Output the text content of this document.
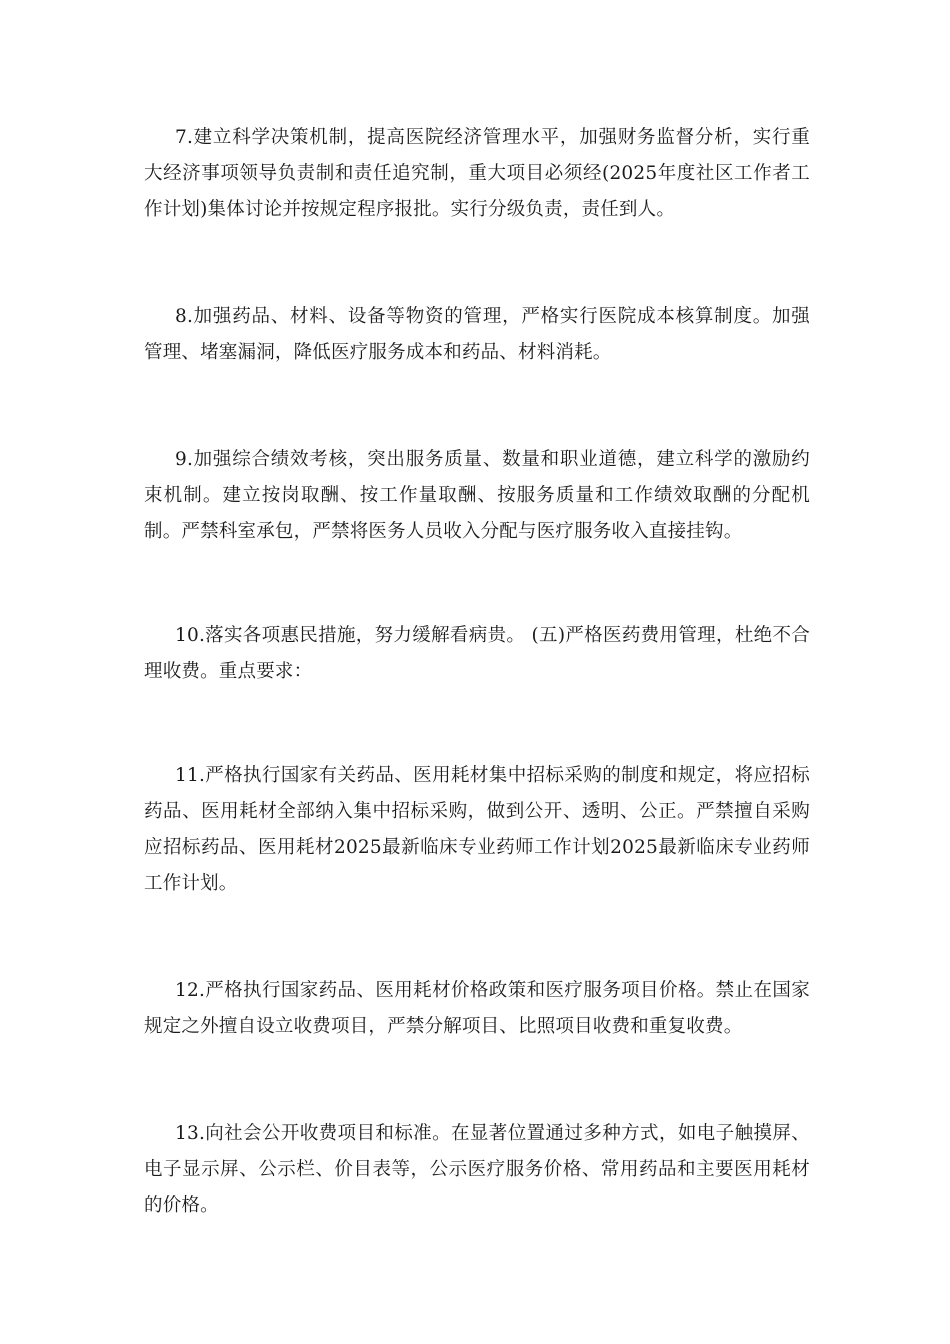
7.建立科学决策机制，提高医院经济管理水平，加强财务监督分析，实行重大经济事项领导负责制和责任追究制，重大项目必须经(2025年度社区工作者工作计划)集体讨论并按规定程序报批。实行分级负责，责任到人。

8.加强药品、材料、设备等物资的管理，严格实行医院成本核算制度。加强管理、堵塞漏洞，降低医疗服务成本和药品、材料消耗。

9.加强综合绩效考核，突出服务质量、数量和职业道德，建立科学的激励约束机制。建立按岗取酬、按工作量取酬、按服务质量和工作绩效取酬的分配机制。严禁科室承包，严禁将医务人员收入分配与医疗服务收入直接挂钩。

10.落实各项惠民措施，努力缓解看病贵。 (五)严格医药费用管理，杜绝不合理收费。重点要求：

11.严格执行国家有关药品、医用耗材集中招标采购的制度和规定，将应招标药品、医用耗材全部纳入集中招标采购，做到公开、透明、公正。严禁擅自采购应招标药品、医用耗材2025最新临床专业药师工作计划2025最新临床专业药师工作计划。

12.严格执行国家药品、医用耗材价格政策和医疗服务项目价格。禁止在国家规定之外擅自设立收费项目，严禁分解项目、比照项目收费和重复收费。

13.向社会公开收费项目和标准。在显著位置通过多种方式，如电子触摸屏、电子显示屏、公示栏、价目表等，公示医疗服务价格、常用药品和主要医用耗材的价格。
